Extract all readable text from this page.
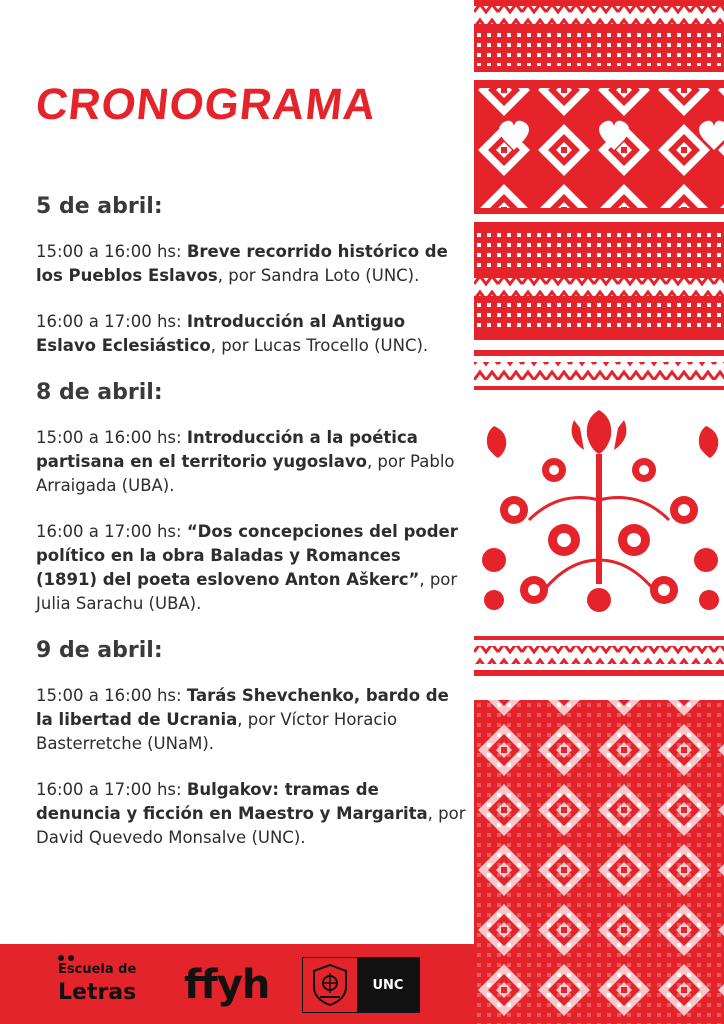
CRONOGRAMA
5 de abril:
15:00 a 16:00 hs: Breve recorrido histórico de los Pueblos Eslavos, por Sandra Loto (UNC).
16:00 a 17:00 hs: Introducción al Antiguo Eslavo Eclesiástico, por Lucas Trocello (UNC).
8 de abril:
15:00 a 16:00 hs: Introducción a la poética partisana en el territorio yugoslavo, por Pablo Arraigada (UBA).
16:00 a 17:00 hs: “Dos concepciones del poder político en la obra Baladas y Romances (1891) del poeta esloveno Anton Aškerc”, por Julia Sarachu (UBA).
9 de abril:
15:00 a 16:00 hs: Tarás Shevchenko, bardo de la libertad de Ucrania, por Víctor Horacio Basterretche (UNaM).
16:00 a 17:00 hs: Bulgakov: tramas de denuncia y ficción en Maestro y Margarita, por David Quevedo Monsalve (UNC).
Escuela de
Letras ffyh	UNC
